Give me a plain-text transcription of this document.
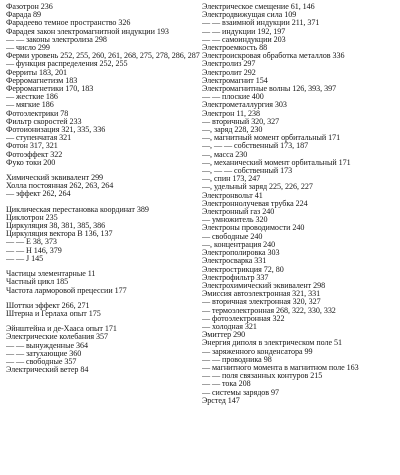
Фазотрон 236
Фарада 89
Фарадеево темное пространство 326
Фарадея закон электромагнитной индукции 193
— — законы электролиза 298
— число 299
Ферми уровень 252, 255, 260, 261, 268, 275, 278, 286, 287
— функция распределения 252, 255
Ферриты 183, 201
Ферромагнетизм 183
Ферромагнетики 170, 183
— жесткие 186
— мягкие 186
Фотоэлектрики 78
Фильтр скоростей 233
Фотоионизация 321, 335, 336
— ступенчатая 321
Фотон 317, 321
Фотоэффект 322
Фуко токи 200
Химический эквивалент 299
Холла постоянная 262, 263, 264
— эффект 262, 264
Циклическая перестановка координат 389
Циклотрон 235
Циркуляция 38, 381, 385, 386
Циркуляция вектора B 136, 137
— — E 38, 373
— — H 146, 379
— — J 145
Частицы элементарные 11
Частный цикл 185
Частота ларморовой прецессии 177
Шоттки эффект 266, 271
Штерна и Герлаха опыт 175
Эйнштейна и де-Хааса опыт 171
Электрические колебания 357
— — вынужденные 364
— — затухающие 360
— — свободные 357
Электрический ветер 84
Электрическое смещение 61, 146
Электродвижущая сила 109
— — взаимной индукции 211, 371
— — индукции 192, 197
— — самоиндукции 203
Электроемкость 88
Электроискровая обработка металлов 336
Электролиз 297
Электролит 292
Электромагнит 154
Электромагнитные волны 126, 393, 397
— — плоские 400
Электрометаллургия 303
Электрон 11, 238
— вторичный 320, 327
—, заряд 228, 230
—, магнитный момент орбитальный 171
—, — — собственный 173, 187
—, масса 230
—, механический момент орбитальный 171
—, — — собственный 173
—, спин 173, 247
—, удельный заряд 225, 226, 227
Электронвольт 41
Электроннолучевая трубка 224
Электронный газ 240
— умножитель 320
Электроны проводимости 240
— свободные 240
—, концентрация 240
Электрополировка 303
Электросварка 331
Электрострикция 72, 80
Электрофильтр 337
Электрохимический эквивалент 298
Эмиссия автоэлектронная 321, 331
— вторичная электронная 320, 327
— термоэлектронная 268, 322, 330, 332
— фотоэлектронная 322
— холодная 321
Эмиттер 290
Энергия диполя в электрическом поле 51
— заряженного конденсатора 99
— — проводника 98
— магнитного момента в магнитном поле 163
— — поля связанных контуров 215
— — тока 208
— системы зарядов 97
Эрстед 147
